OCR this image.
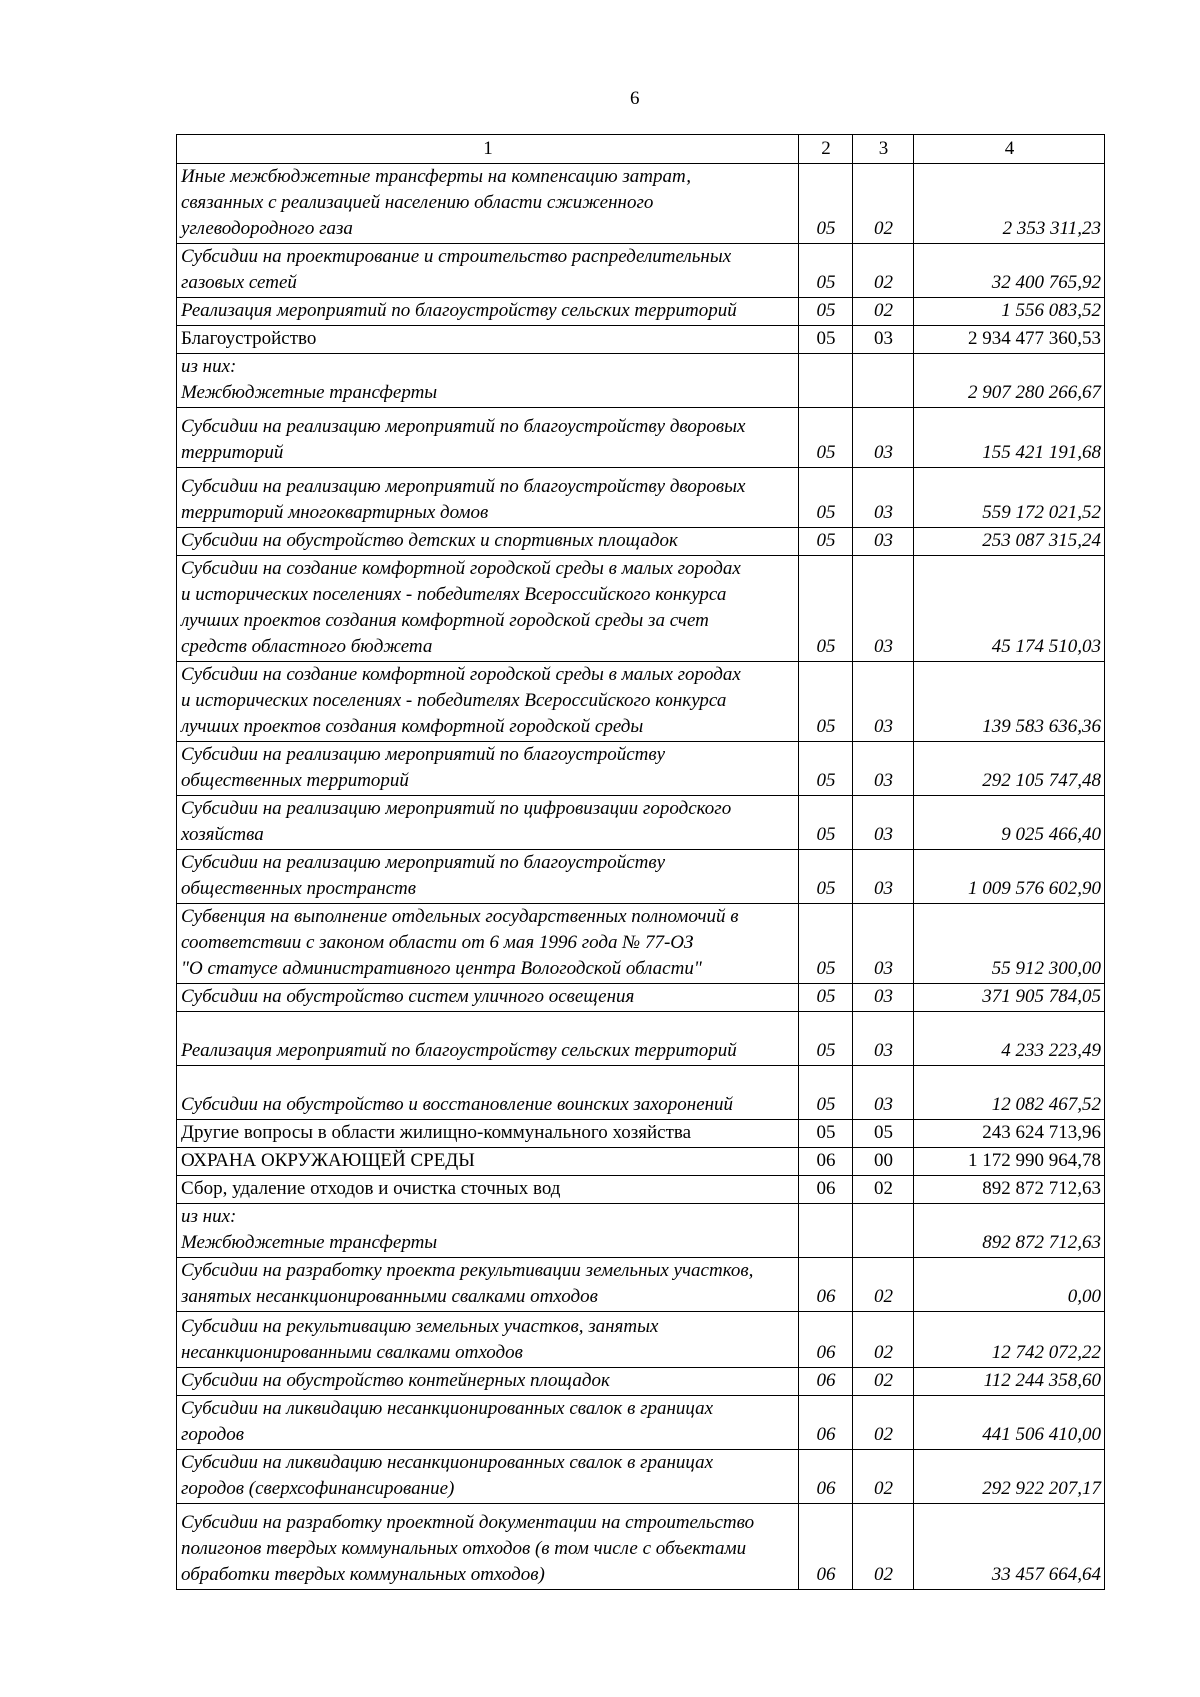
6
1	2	3	4
Иные межбюджетные трансферты на компенсацию затрат,
связанных с реализацией населению области сжиженного
углеводородного газа	05	02	2 353 311,23
Субсидии на проектирование и строительство распределительных
газовых сетей	05	02	32 400 765,92
Реализация мероприятий по благоустройству сельских территорий	05	02	1 556 083,52
Благоустройство	05	03	2 934 477 360,53
из них:
Межбюджетные трансферты			2 907 280 266,67
Субсидии на реализацию мероприятий по благоустройству дворовых
территорий	05	03	155 421 191,68
Субсидии на реализацию мероприятий по благоустройству дворовых
территорий многоквартирных домов	05	03	559 172 021,52
Субсидии на обустройство детских и спортивных площадок	05	03	253 087 315,24
Субсидии на создание комфортной городской среды в малых городах
и исторических поселениях - победителях Всероссийского конкурса
лучших проектов создания комфортной городской среды за счет
средств областного бюджета	05	03	45 174 510,03
Субсидии на создание комфортной городской среды в малых городах
и исторических поселениях - победителях Всероссийского конкурса
лучших проектов создания комфортной городской среды	05	03	139 583 636,36
Субсидии на реализацию мероприятий по благоустройству
общественных территорий	05	03	292 105 747,48
Субсидии на реализацию мероприятий по цифровизации городского
хозяйства	05	03	9 025 466,40
Субсидии на реализацию мероприятий по благоустройству
общественных пространств	05	03	1 009 576 602,90
Субвенция на выполнение отдельных государственных полномочий в
соответствии с законом области от 6 мая 1996 года № 77-ОЗ
"О статусе административного центра Вологодской области"	05	03	55 912 300,00
Субсидии на обустройство систем уличного освещения	05	03	371 905 784,05
Реализация мероприятий по благоустройству сельских территорий	05	03	4 233 223,49
Субсидии на обустройство и восстановление воинских захоронений	05	03	12 082 467,52
Другие вопросы в области жилищно-коммунального хозяйства	05	05	243 624 713,96
ОХРАНА ОКРУЖАЮЩЕЙ СРЕДЫ	06	00	1 172 990 964,78
Сбор, удаление отходов и очистка сточных вод	06	02	892 872 712,63
из них:
Межбюджетные трансферты			892 872 712,63
Субсидии на разработку проекта рекультивации земельных участков,
занятых несанкционированными свалками отходов	06	02	0,00
Субсидии на рекультивацию земельных участков, занятых
несанкционированными свалками отходов	06	02	12 742 072,22
Субсидии на обустройство контейнерных площадок	06	02	112 244 358,60
Субсидии на ликвидацию несанкционированных свалок в границах
городов	06	02	441 506 410,00
Субсидии на ликвидацию несанкционированных свалок в границах
городов (сверхсофинансирование)	06	02	292 922 207,17
Субсидии на разработку проектной документации на строительство
полигонов твердых коммунальных отходов (в том числе с объектами
обработки твердых коммунальных отходов)	06	02	33 457 664,64
